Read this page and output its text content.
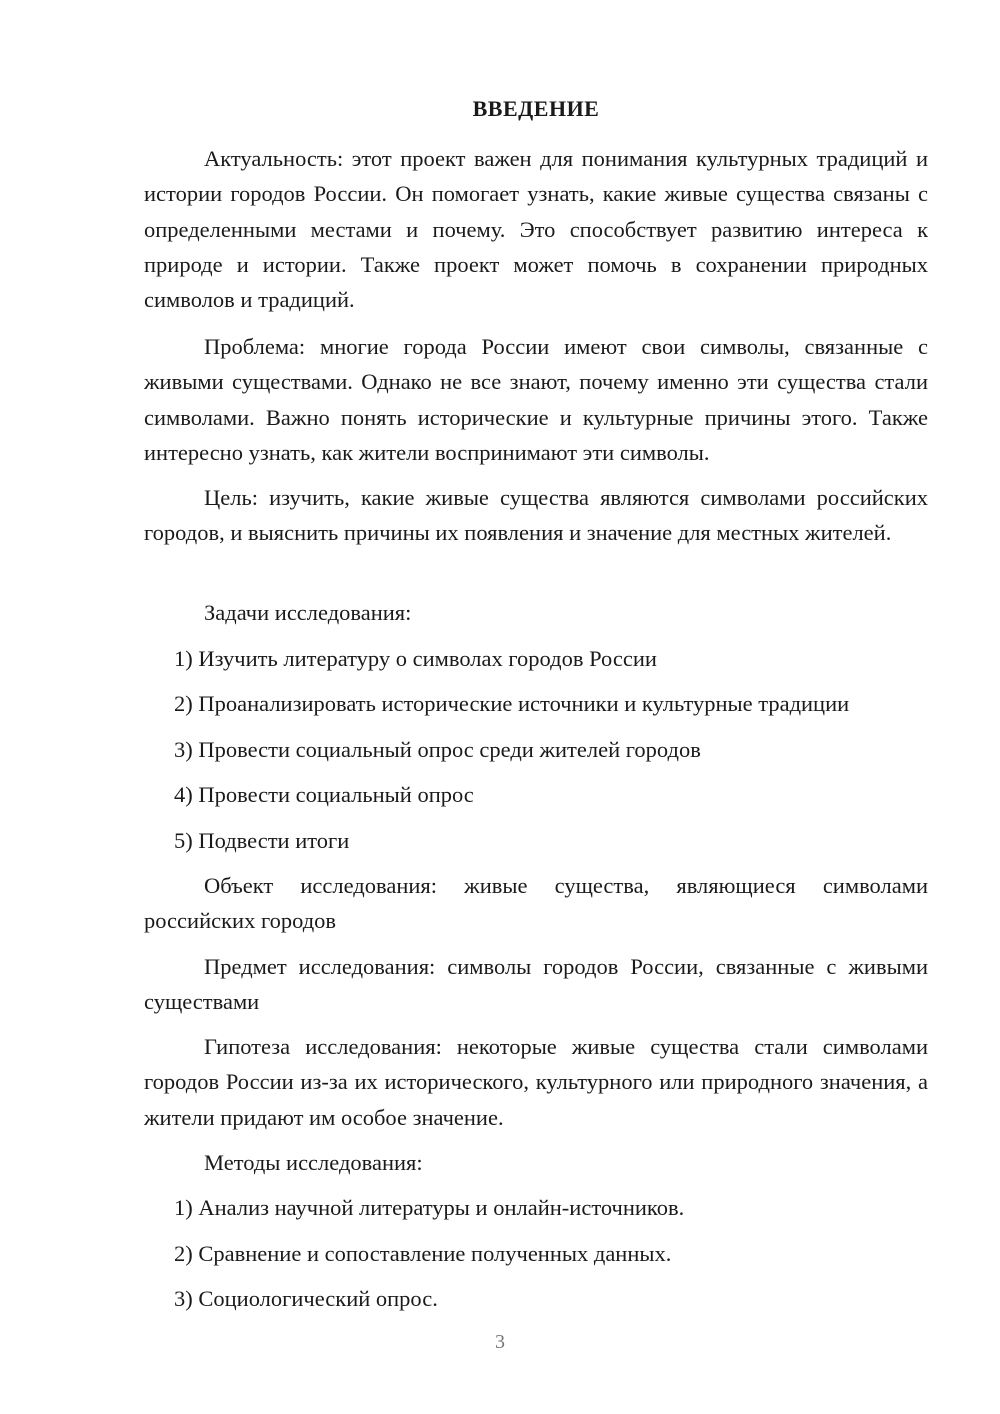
ВВЕДЕНИЕ

Актуальность: этот проект важен для понимания культурных традиций и истории городов России. Он помогает узнать, какие живые существа связаны с определенными местами и почему. Это способствует развитию интереса к природе и истории. Также проект может помочь в сохранении природных символов и традиций.

Проблема: многие города России имеют свои символы, связанные с живыми существами. Однако не все знают, почему именно эти существа стали символами. Важно понять исторические и культурные причины этого. Также интересно узнать, как жители воспринимают эти символы.

Цель: изучить, какие живые существа являются символами российских городов, и выяснить причины их появления и значение для местных жителей.

Задачи исследования:

1) Изучить литературу о символах городов России

2) Проанализировать исторические источники и культурные традиции

3) Провести социальный опрос среди жителей городов

4) Провести социальный опрос

5) Подвести итоги

Объект исследования: живые существа, являющиеся символами российских городов

Предмет исследования: символы городов России, связанные с живыми существами

Гипотеза исследования: некоторые живые существа стали символами городов России из-за их исторического, культурного или природного значения, а жители придают им особое значение.

Методы исследования:

1) Анализ научной литературы и онлайн-источников.

2) Сравнение и сопоставление полученных данных.

3) Социологический опрос.

3
